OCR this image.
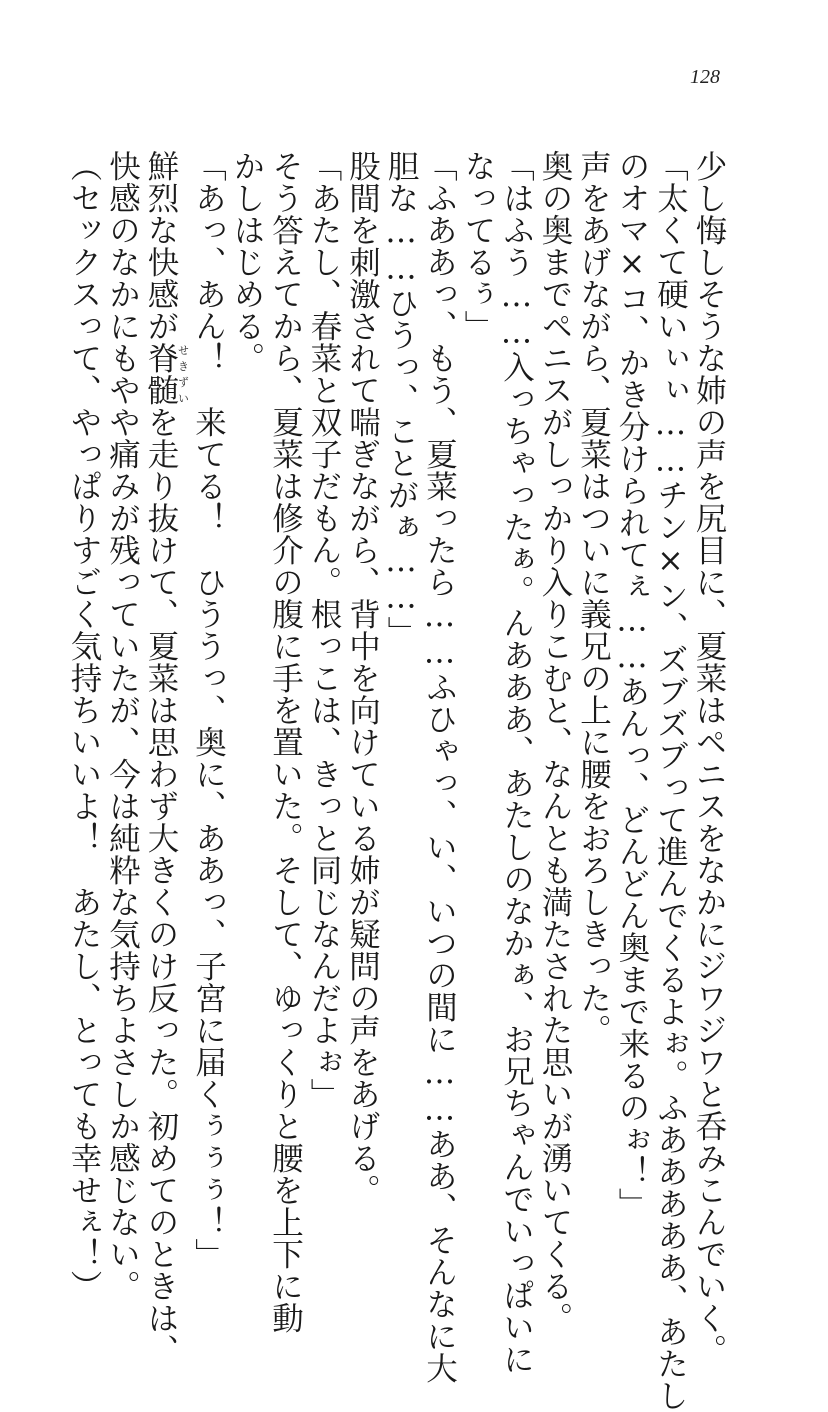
128
少し悔しそうな姉の声を尻目に、夏菜はペニスをなかにジワジワと呑みこんでいく。
「太くて硬いぃぃ……チン×ン、ズブズブって進んでくるよぉ。ふあああああ、あたし
のオマ×コ、かき分けられてぇ……あんっ、どんどん奥まで来るのぉ！」
声をあげながら、夏菜はついに義兄の上に腰をおろしきった。
奥の奥までペニスがしっかり入りこむと、なんとも満たされた思いが湧いてくる。
「はふう……入っちゃったぁ。んあああ、あたしのなかぁ、お兄ちゃんでいっぱいに
なってるぅ」
「ふああっ、もう、夏菜ったら……ふひゃっ、い、いつの間に……ああ、そんなに大
胆な……ひうっ、ことがぁ……」
股間を刺激されて喘ぎながら、背中を向けている姉が疑問の声をあげる。
「あたし、春菜と双子だもん。根っこは、きっと同じなんだよぉ」
そう答えてから、夏菜は修介の腹に手を置いた。そして、ゆっくりと腰を上下に動
かしはじめる。
「あっ、あん！　来てる！　ひううっ、奥に、ああっ、子宮に届くぅぅぅ！」
鮮烈な快感が脊髄せきずいを走り抜けて、夏菜は思わず大きくのけ反った。初めてのときは、
快感のなかにもやや痛みが残っていたが、今は純粋な気持ちよさしか感じない。
（セックスって、やっぱりすごく気持ちいいよ！　あたし、とっても幸せぇ！）
